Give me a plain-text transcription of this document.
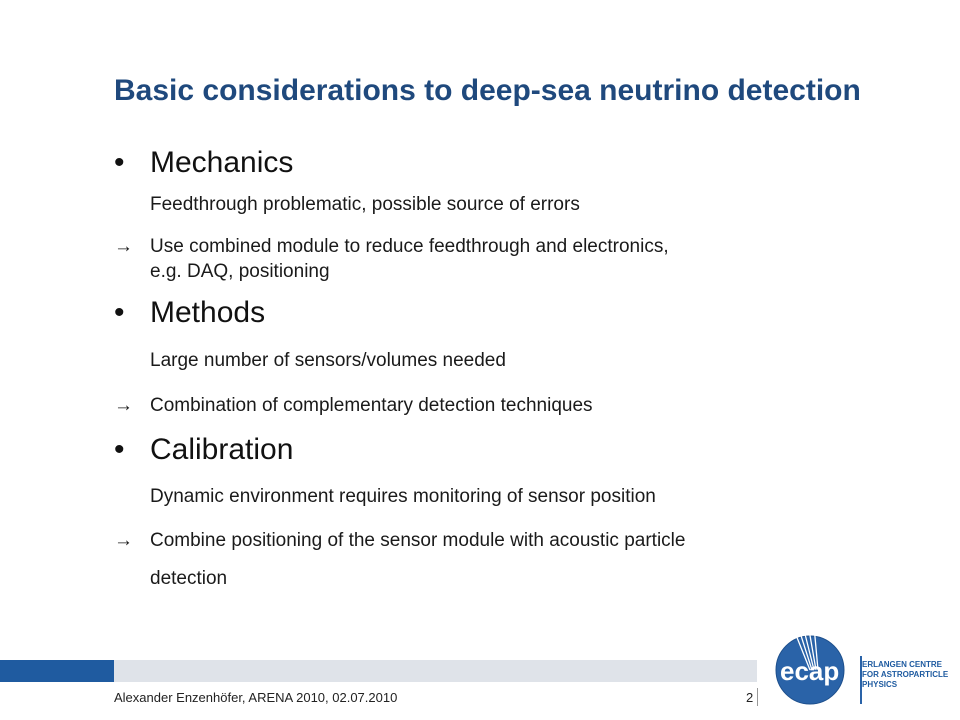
Basic considerations to deep-sea neutrino detection
• Mechanics
Feedthrough problematic, possible source of errors
→ Use combined module to reduce feedthrough and electronics,
e.g. DAQ, positioning
• Methods
Large number of sensors/volumes needed
→ Combination of complementary detection techniques
• Calibration
Dynamic environment requires monitoring of sensor position
→ Combine positioning of the sensor module with acoustic particle
detection
Alexander Enzenhöfer, ARENA 2010, 02.07.2010	2
ecap	ERLANGEN CENTRE
FOR ASTROPARTICLE
PHYSICS
